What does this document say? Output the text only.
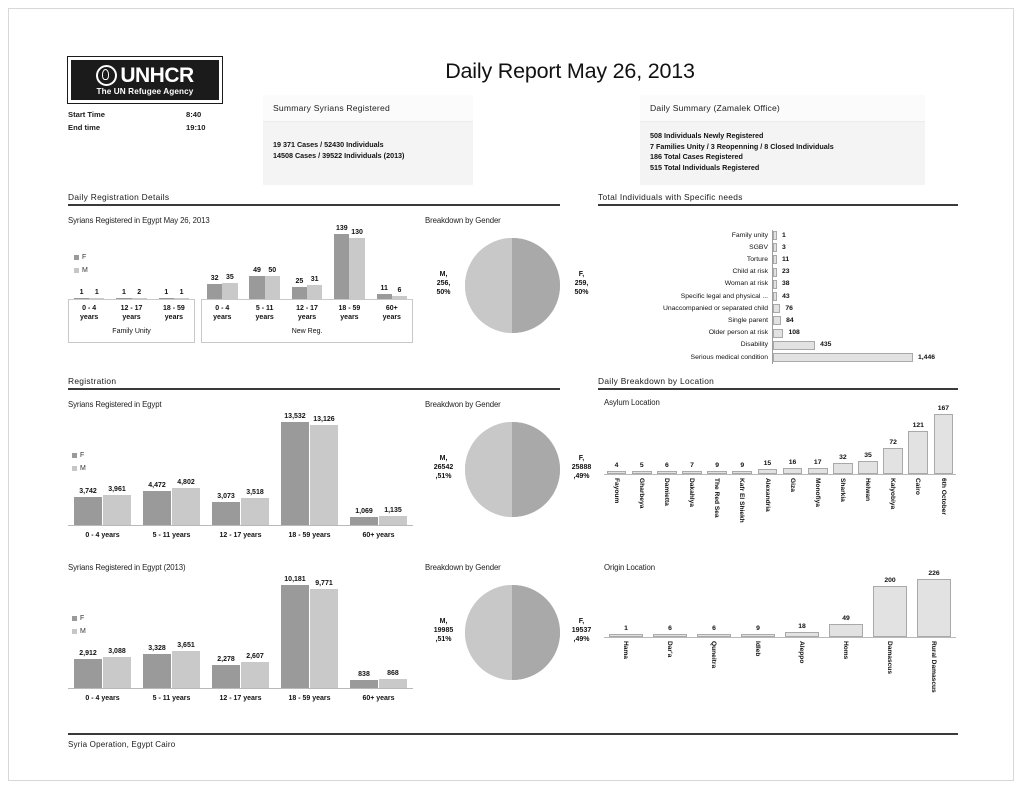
UNHCR
The UN Refugee Agency
Start Time	8:40
End time	19:10
Daily Report May 26, 2013
Summary Syrians Registered
19 371 Cases / 52430 Individuals
14508 Cases / 39522 Individuals (2013)
Daily Summary (Zamalek Office)
508 Individuals Newly Registered
7 Families Unity / 3 Reopenning / 8 Closed Individuals
186 Total Cases Registered
515 Total Individuals Registered
Daily Registration Details	Total Individuals with Specific needs
Registration	Daily Breakdown by Location
Syrians Registered in Egypt May 26, 2013
F
M
1 1
0 - 4
years
1 2
12 - 17
years
1 1
18 - 59
years
Family Unity
32 35
0 - 4
years
49 50
5 - 11
years
25 31
12 - 17
years
139
130
18 - 59
years
11 6
60+
years
New Reg.
Breakdown by Gender
M,
256,
50%
F,
259,
50%
Family unity 1
SGBV 3
Torture 11
Child at risk 23
Woman at risk 38
Specific legal and physical ... 43
Unaccompanied or separated child	76
Single parent	84
Older person at risk	108
Disability	435
Serious medical condition	1,446
Syrians Registered in Egypt
F
M
3,742 3,961
0 - 4 years
4,472 4,802
5 - 11 years
3,073 3,518
12 - 17 years
13,532 13,126
18 - 59 years
1,069 1,135
60+ years
Breakdwon by Gender
M,
26542
,51%
F,
25888
,49%
Asylum Location
4
Fayoum
5
Gharbeya
6
Damietta
7
Dakahlya
9
The Red Sea
9
Kafr El Shiekh
15
Alexandria
16
Giza
17
Monofiya
32
Sharkia
35
Helwan
72
Kalyobiya
121
Cairo
167
6th October
Syrians Registered in Egypt (2013)
F
M
2,912 3,088
0 - 4 years
3,328 3,651
5 - 11 years
2,278 2,607
12 - 17 years
10,181
9,771
18 - 59 years
838 868
60+ years
Breakdown by Gender
M,
19985
,51%
F,
19537
,49%
Origin Location
1
Hama
6
Dar'a
6
Quneitra
9
Idleb
18
Aleppo
49
Homs
200
Damascus
226
Rural Damascus
Syria Operation, Egypt Cairo
